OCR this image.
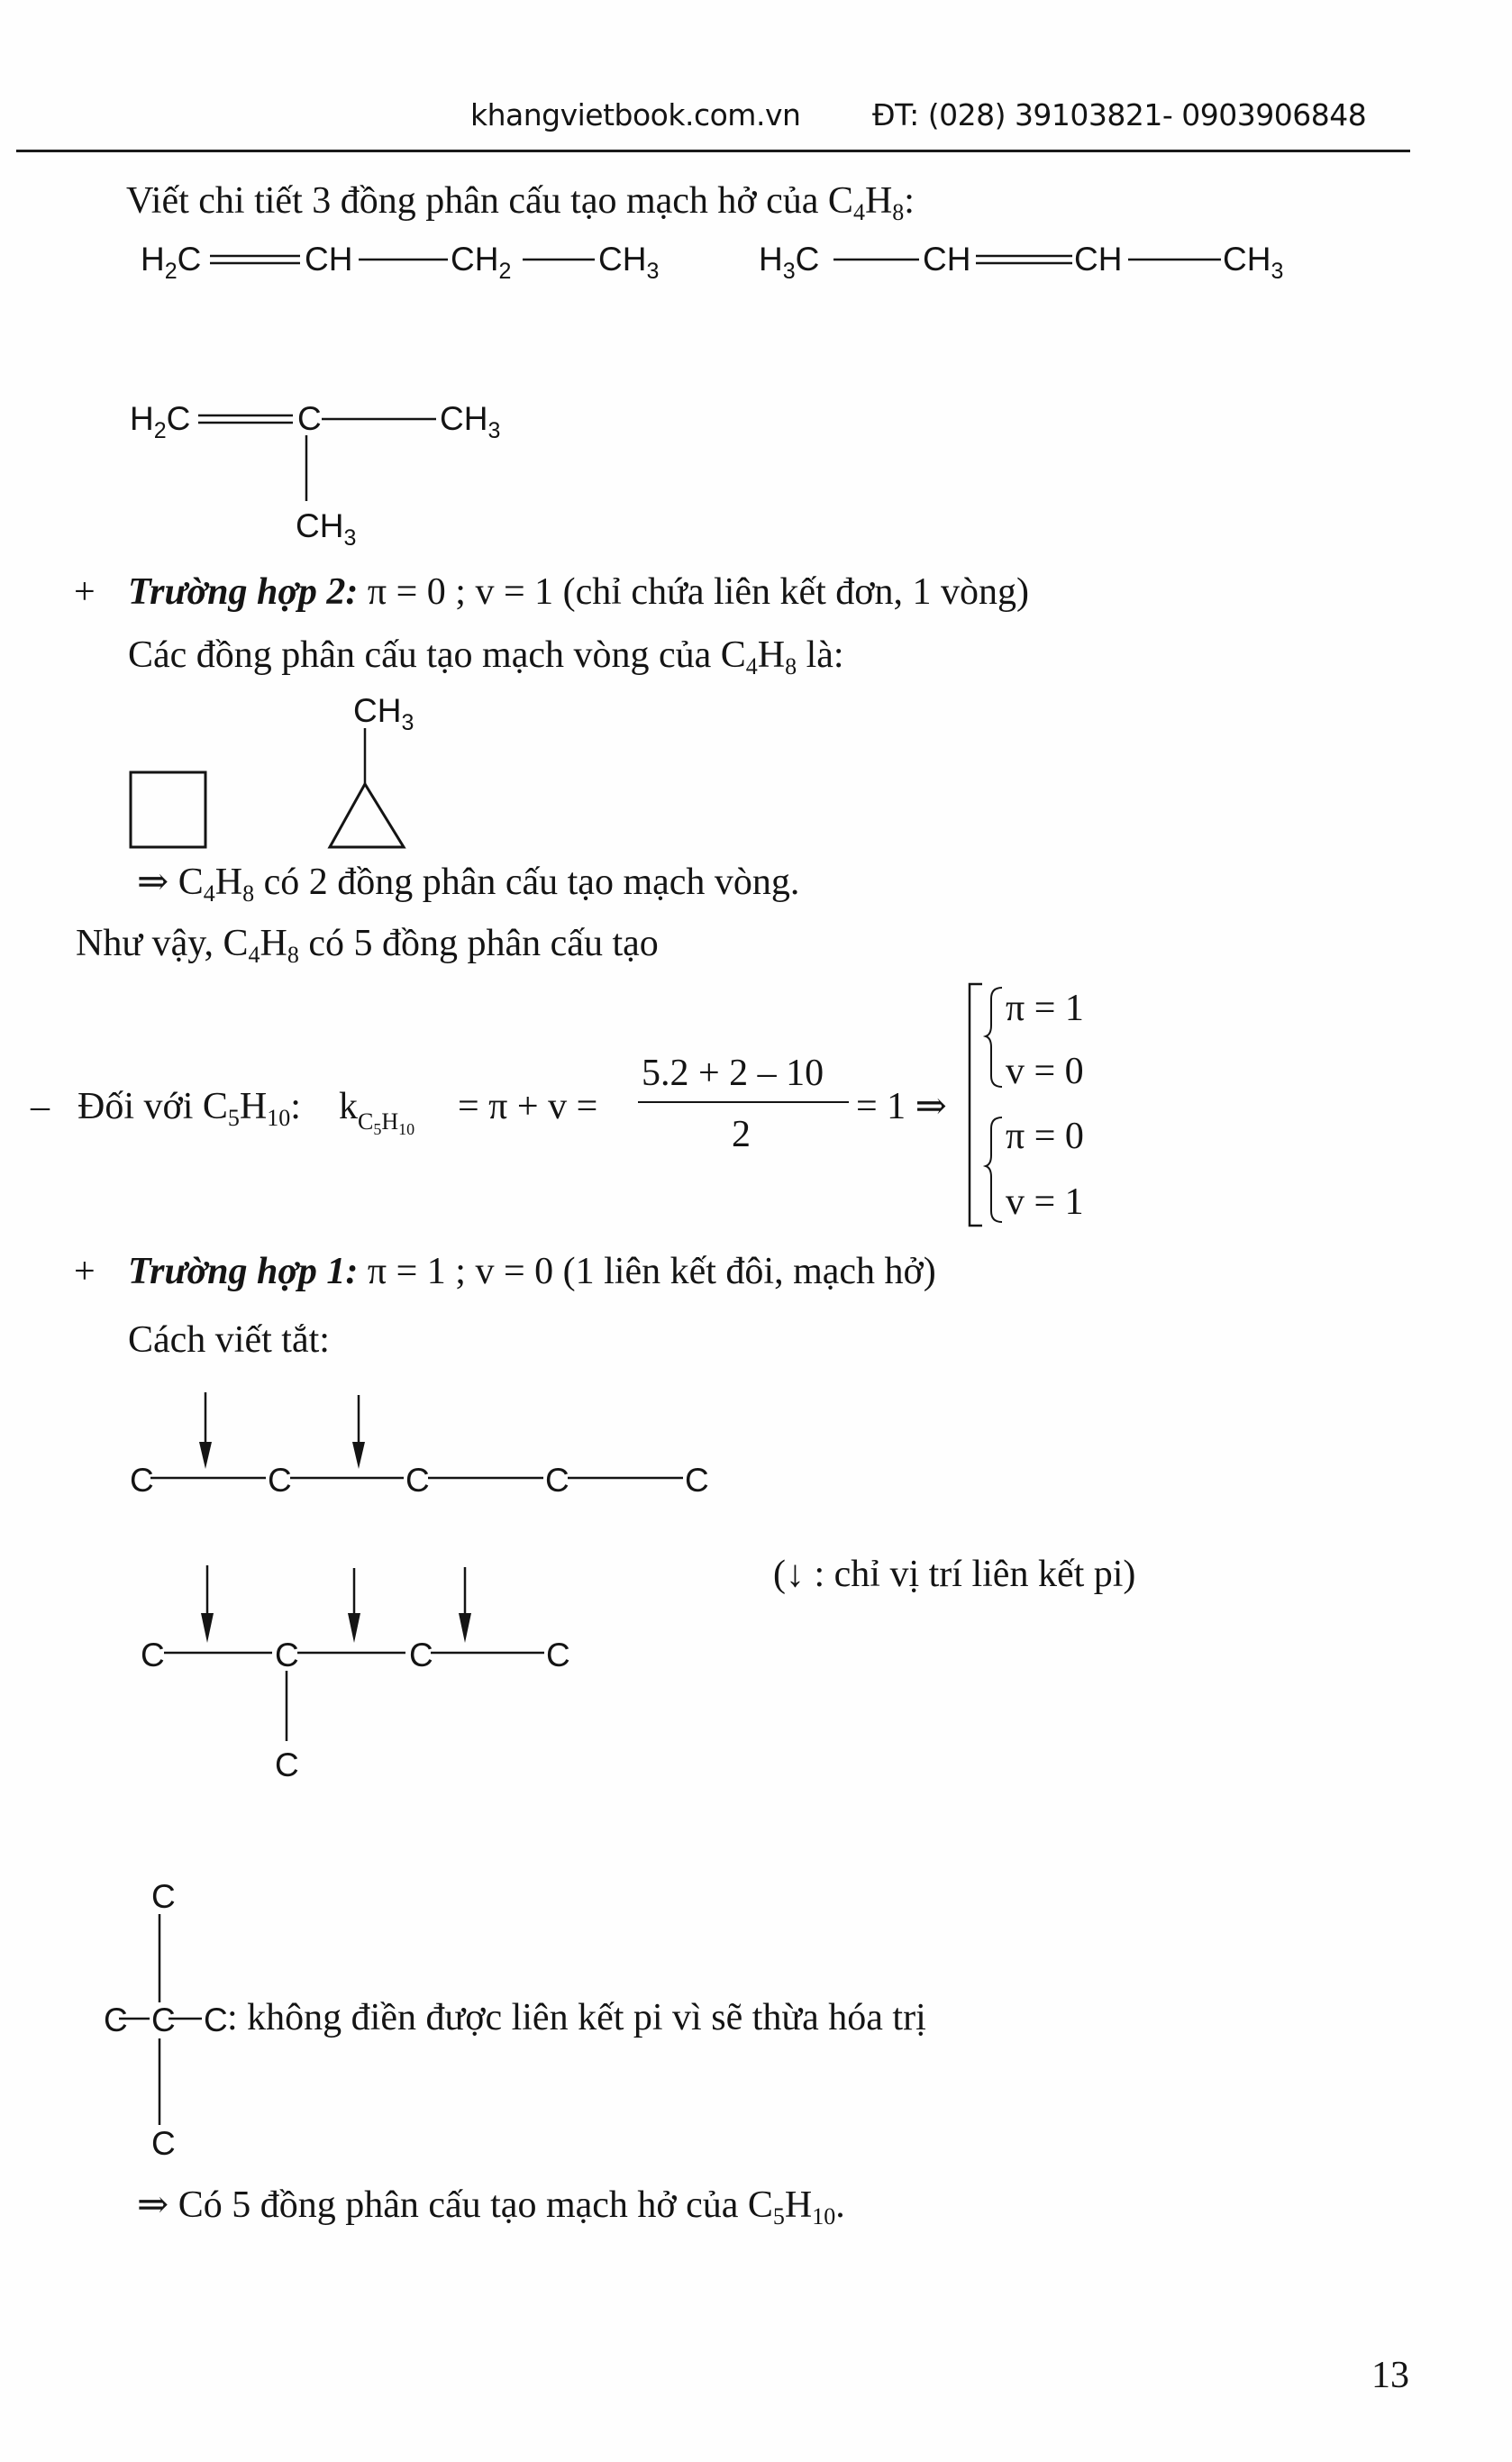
khangvietbook.com.vn ĐT: (028) 39103821- 0903906848
Viết chi tiết 3 đồng phân cấu tạo mạch hở của $C_4H_8$:
$H_2C$	CH	$CH_2$	$CH_3$	$H_3C$	CH	CH	$CH_3$
$H_2C$	C	$CH_3$
$CH_3$
+ Trường hợp 2: π = 0 ; v = 1 (chỉ chứa liên kết đơn, 1 vòng)
Các đồng phân cấu tạo mạch vòng của $C_4H_8$ là:
$CH_3$
⇒ $C_4H_8$ có 2 đồng phân cấu tạo mạch vòng.
Như vậy, $C_4H_8$ có 5 đồng phân cấu tạo
– Đối với $C_5H_{10}$: $k_{C_5H_{10}}$
= π + v =
5.2 + 2 – 10
2
= 1 ⇒
π = 1
v = 0
π = 0
v = 1
+ Trường hợp 1: π = 1 ; v = 0 (1 liên kết đôi, mạch hở)
Cách viết tắt:
C	C	C	C	C
C	C	C	C
C
(↓ : chỉ vị trí liên kết pi)
C
C C C
C
: không điền được liên kết pi vì sẽ thừa hóa trị
⇒ Có 5 đồng phân cấu tạo mạch hở của $C_5H_{10}$.
13
